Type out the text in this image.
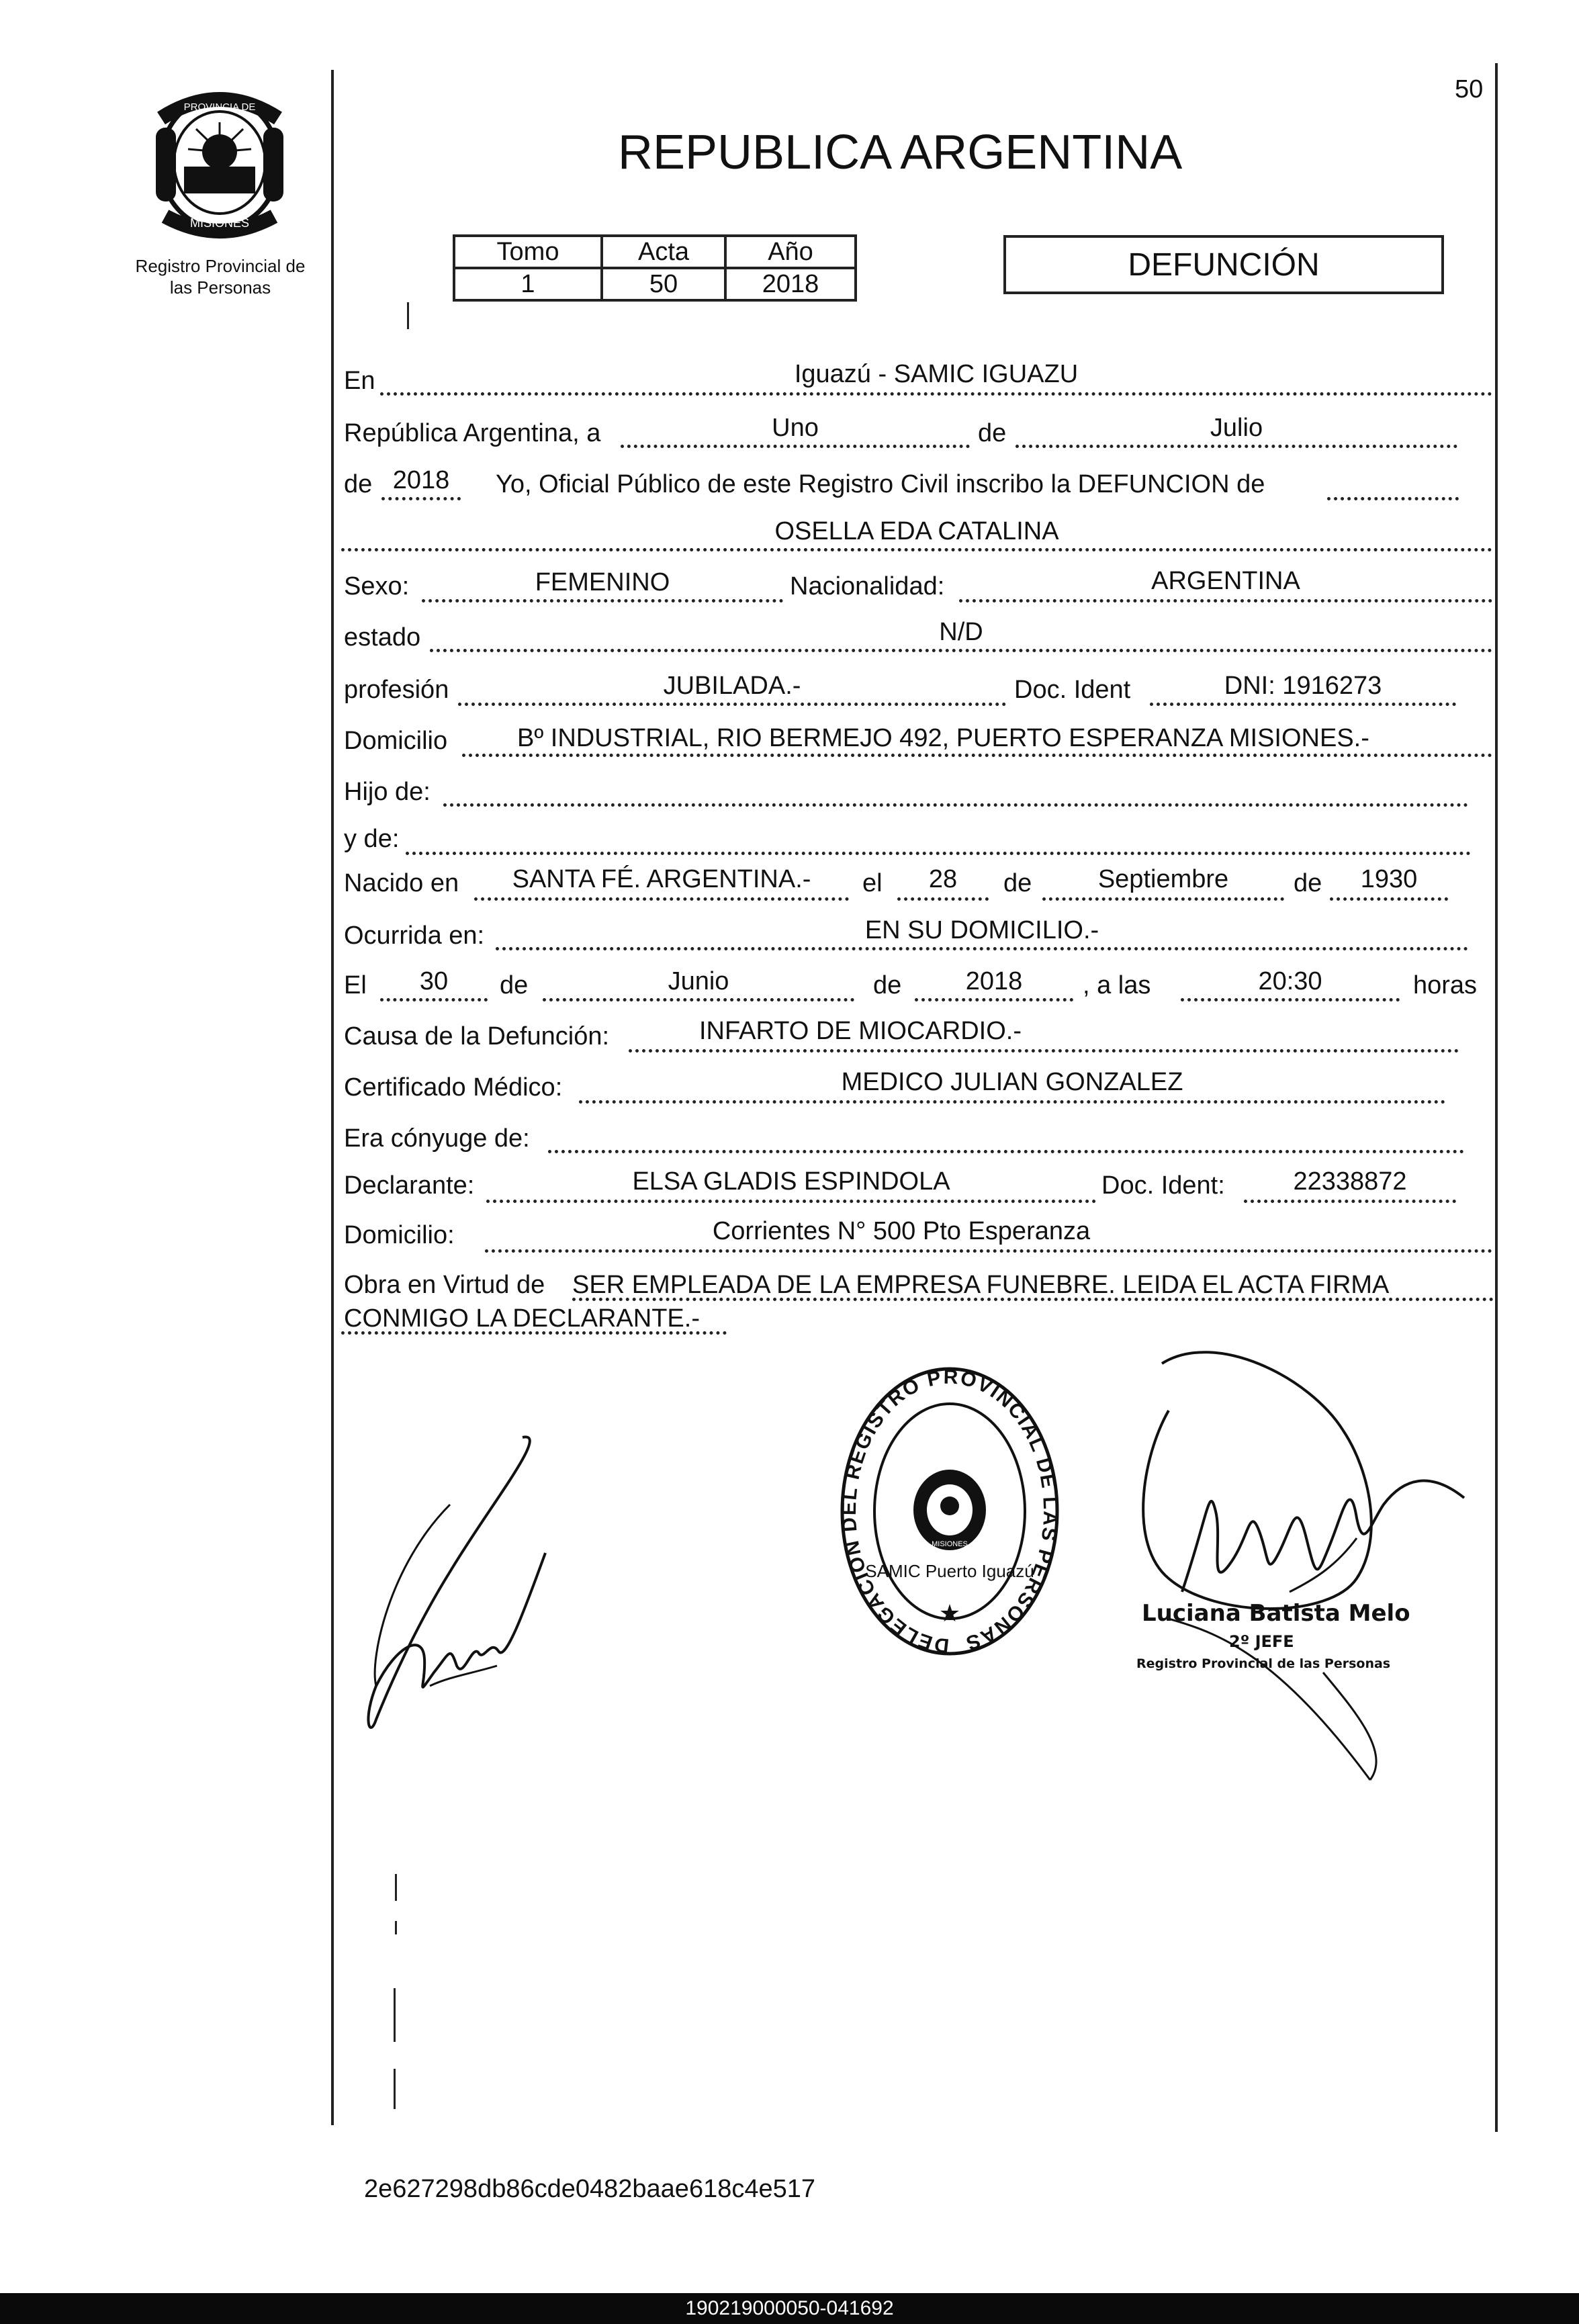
50
PROVINCIA DE
MISIONES
Registro Provincial de
las Personas
REPUBLICA ARGENTINA
Tomo	Acta	Año
1	50	2018
DEFUNCIÓN
En	Iguazú - SAMIC IGUAZU
República Argentina, a	Uno	de	Julio
de 2018	Yo, Oficial Público de este Registro Civil inscribo la DEFUNCION de
OSELLA EDA CATALINA
Sexo:	FEMENINO	Nacionalidad:	ARGENTINA
estado	N/D
profesión	JUBILADA.-	Doc. Ident	DNI: 1916273
Domicilio	Bº INDUSTRIAL, RIO BERMEJO 492, PUERTO ESPERANZA MISIONES.-
Hijo de:
y de:
Nacido en	SANTA FÉ. ARGENTINA.-	el	28	de	Septiembre	de	1930
Ocurrida en:	EN SU DOMICILIO.-
El	30	de	Junio	de	2018	, a las	20:30	horas
Causa de la Defunción:	INFARTO DE MIOCARDIO.-
Certificado Médico:	MEDICO JULIAN GONZALEZ
Era cónyuge de:
Declarante:	ELSA GLADIS ESPINDOLA	Doc. Ident:	22338872
Domicilio:	Corrientes N° 500 Pto Esperanza
Obra en Virtud de SER EMPLEADA DE LA EMPRESA FUNEBRE. LEIDA EL ACTA FIRMA
CONMIGO LA DECLARANTE.-
DELEGACION DEL REGISTRO PROVINCIAL DE LAS PERSONAS
MISIONES
SAMIC Puerto Iguazú
★	Luciana Batista Melo
2º JEFE
Registro Provincial de las Personas
2e627298db86cde0482baae618c4e517
190219000050-041692
